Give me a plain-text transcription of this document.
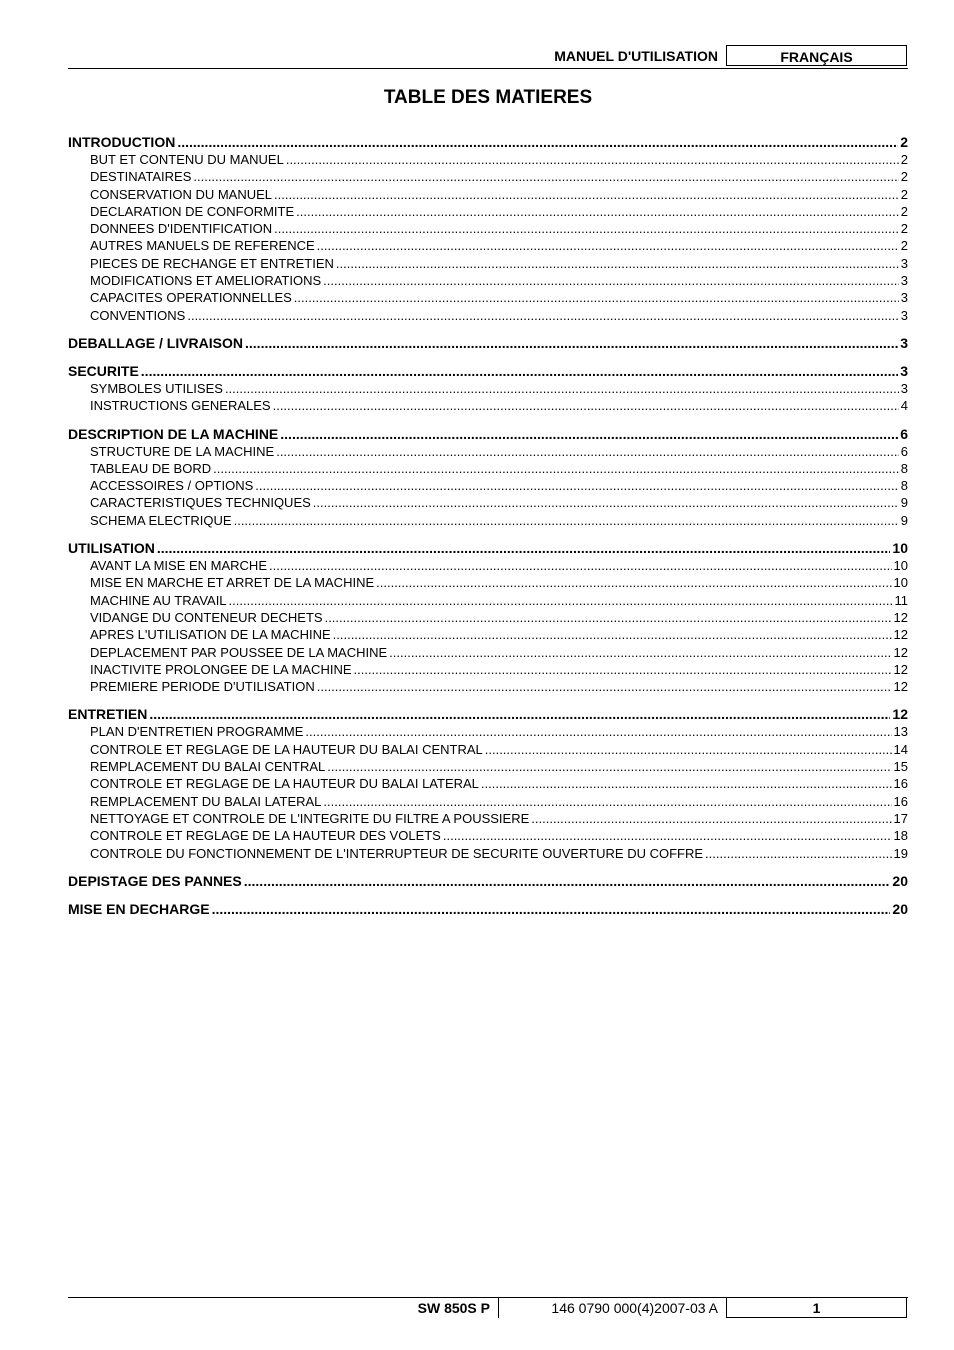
MANUEL D'UTILISATION	FRANÇAIS
TABLE DES MATIERES
INTRODUCTION .....	2
BUT ET CONTENU DU MANUEL .....	2
DESTINATAIRES .....	2
CONSERVATION DU MANUEL .....	2
DECLARATION DE CONFORMITE .....	2
DONNEES D'IDENTIFICATION .....	2
AUTRES MANUELS DE REFERENCE .....	2
PIECES DE RECHANGE ET ENTRETIEN .....	3
MODIFICATIONS ET AMELIORATIONS .....	3
CAPACITES OPERATIONNELLES .....	3
CONVENTIONS .....	3
DEBALLAGE / LIVRAISON .....	3
SECURITE .....	3
SYMBOLES UTILISES .....	3
INSTRUCTIONS GENERALES .....	4
DESCRIPTION DE LA MACHINE .....	6
STRUCTURE DE LA MACHINE .....	6
TABLEAU DE BORD .....	8
ACCESSOIRES / OPTIONS .....	8
CARACTERISTIQUES TECHNIQUES .....	9
SCHEMA ELECTRIQUE .....	9
UTILISATION .....	10
AVANT LA MISE EN MARCHE .....	10
MISE EN MARCHE ET ARRET DE LA MACHINE .....	10
MACHINE AU TRAVAIL .....	11
VIDANGE DU CONTENEUR DECHETS .....	12
APRES L'UTILISATION DE LA MACHINE .....	12
DEPLACEMENT PAR POUSSEE DE LA MACHINE .....	12
INACTIVITE PROLONGEE DE LA MACHINE .....	12
PREMIERE PERIODE D'UTILISATION .....	12
ENTRETIEN .....	12
PLAN D'ENTRETIEN PROGRAMME .....	13
CONTROLE ET REGLAGE DE LA HAUTEUR DU BALAI CENTRAL .....	14
REMPLACEMENT DU BALAI CENTRAL .....	15
CONTROLE ET REGLAGE DE LA HAUTEUR DU BALAI LATERAL .....	16
REMPLACEMENT DU BALAI LATERAL .....	16
NETTOYAGE ET CONTROLE DE L'INTEGRITE DU FILTRE A POUSSIERE .....	17
CONTROLE ET REGLAGE DE LA HAUTEUR DES VOLETS .....	18
CONTROLE DU FONCTIONNEMENT DE L'INTERRUPTEUR DE SECURITE OUVERTURE DU COFFRE .....	19
DEPISTAGE DES PANNES .....	20
MISE EN DECHARGE .....	20
SW 850S P	146 0790 000(4)2007-03 A	1
